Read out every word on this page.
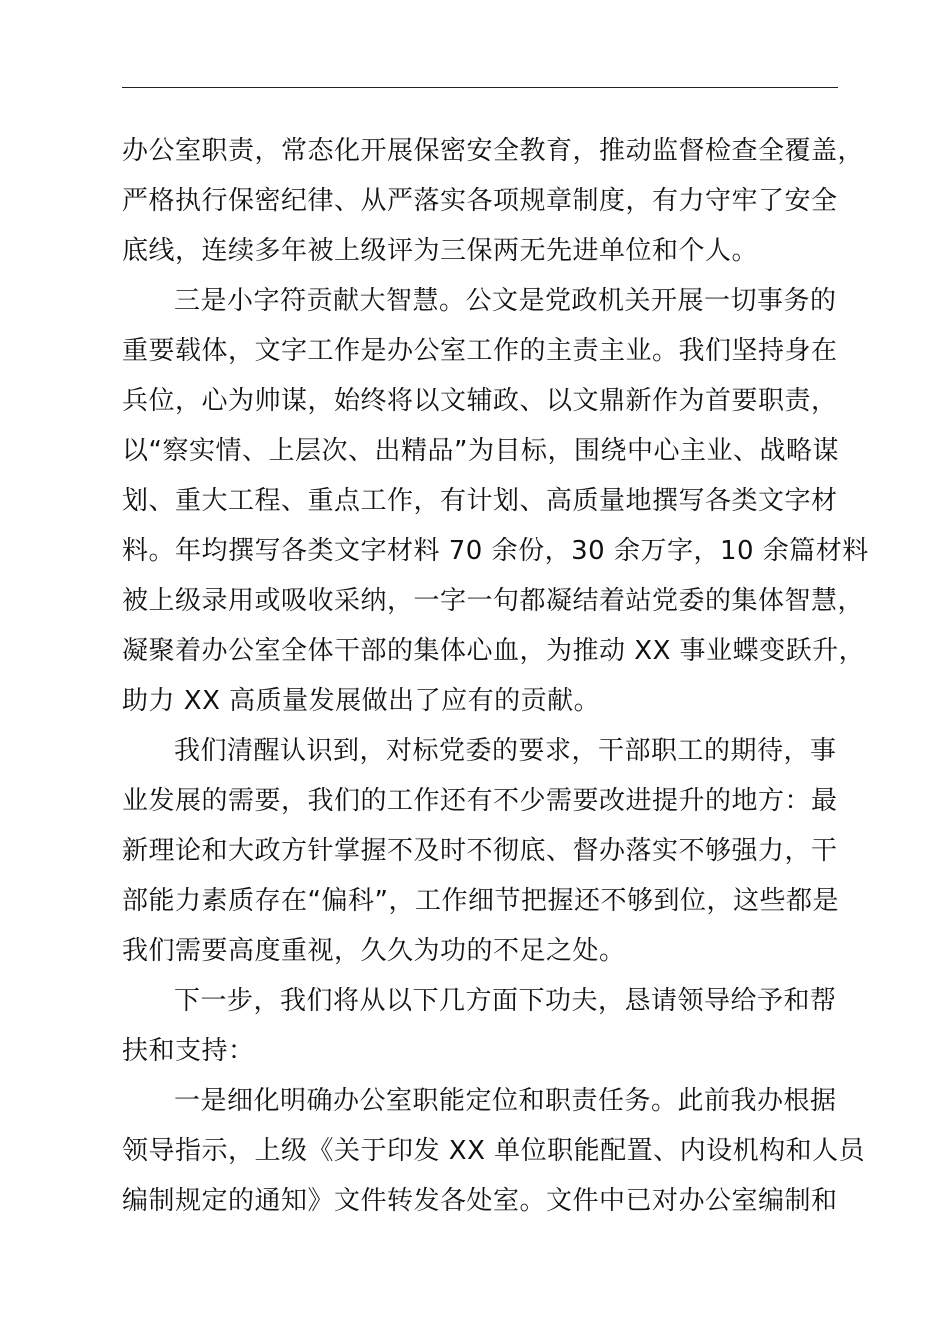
办公室职责，常态化开展保密安全教育，推动监督检查全覆盖，
严格执行保密纪律、从严落实各项规章制度，有力守牢了安全
底线，连续多年被上级评为三保两无先进单位和个人。
三是小字符贡献大智慧。公文是党政机关开展一切事务的
重要载体，文字工作是办公室工作的主责主业。我们坚持身在
兵位，心为帅谋，始终将以文辅政、以文鼎新作为首要职责，
以“察实情、上层次、出精品”为目标，围绕中心主业、战略谋
划、重大工程、重点工作，有计划、高质量地撰写各类文字材
料。年均撰写各类文字材料 70 余份，30 余万字，10 余篇材料
被上级录用或吸收采纳，一字一句都凝结着站党委的集体智慧，
凝聚着办公室全体干部的集体心血，为推动 XX 事业蝶变跃升，
助力 XX 高质量发展做出了应有的贡献。
我们清醒认识到，对标党委的要求，干部职工的期待，事
业发展的需要，我们的工作还有不少需要改进提升的地方：最
新理论和大政方针掌握不及时不彻底、督办落实不够强力，干
部能力素质存在“偏科”，工作细节把握还不够到位，这些都是
我们需要高度重视，久久为功的不足之处。
下一步，我们将从以下几方面下功夫，恳请领导给予和帮
扶和支持：
一是细化明确办公室职能定位和职责任务。此前我办根据
领导指示，上级《关于印发 XX 单位职能配置、内设机构和人员
编制规定的通知》文件转发各处室。文件中已对办公室编制和
